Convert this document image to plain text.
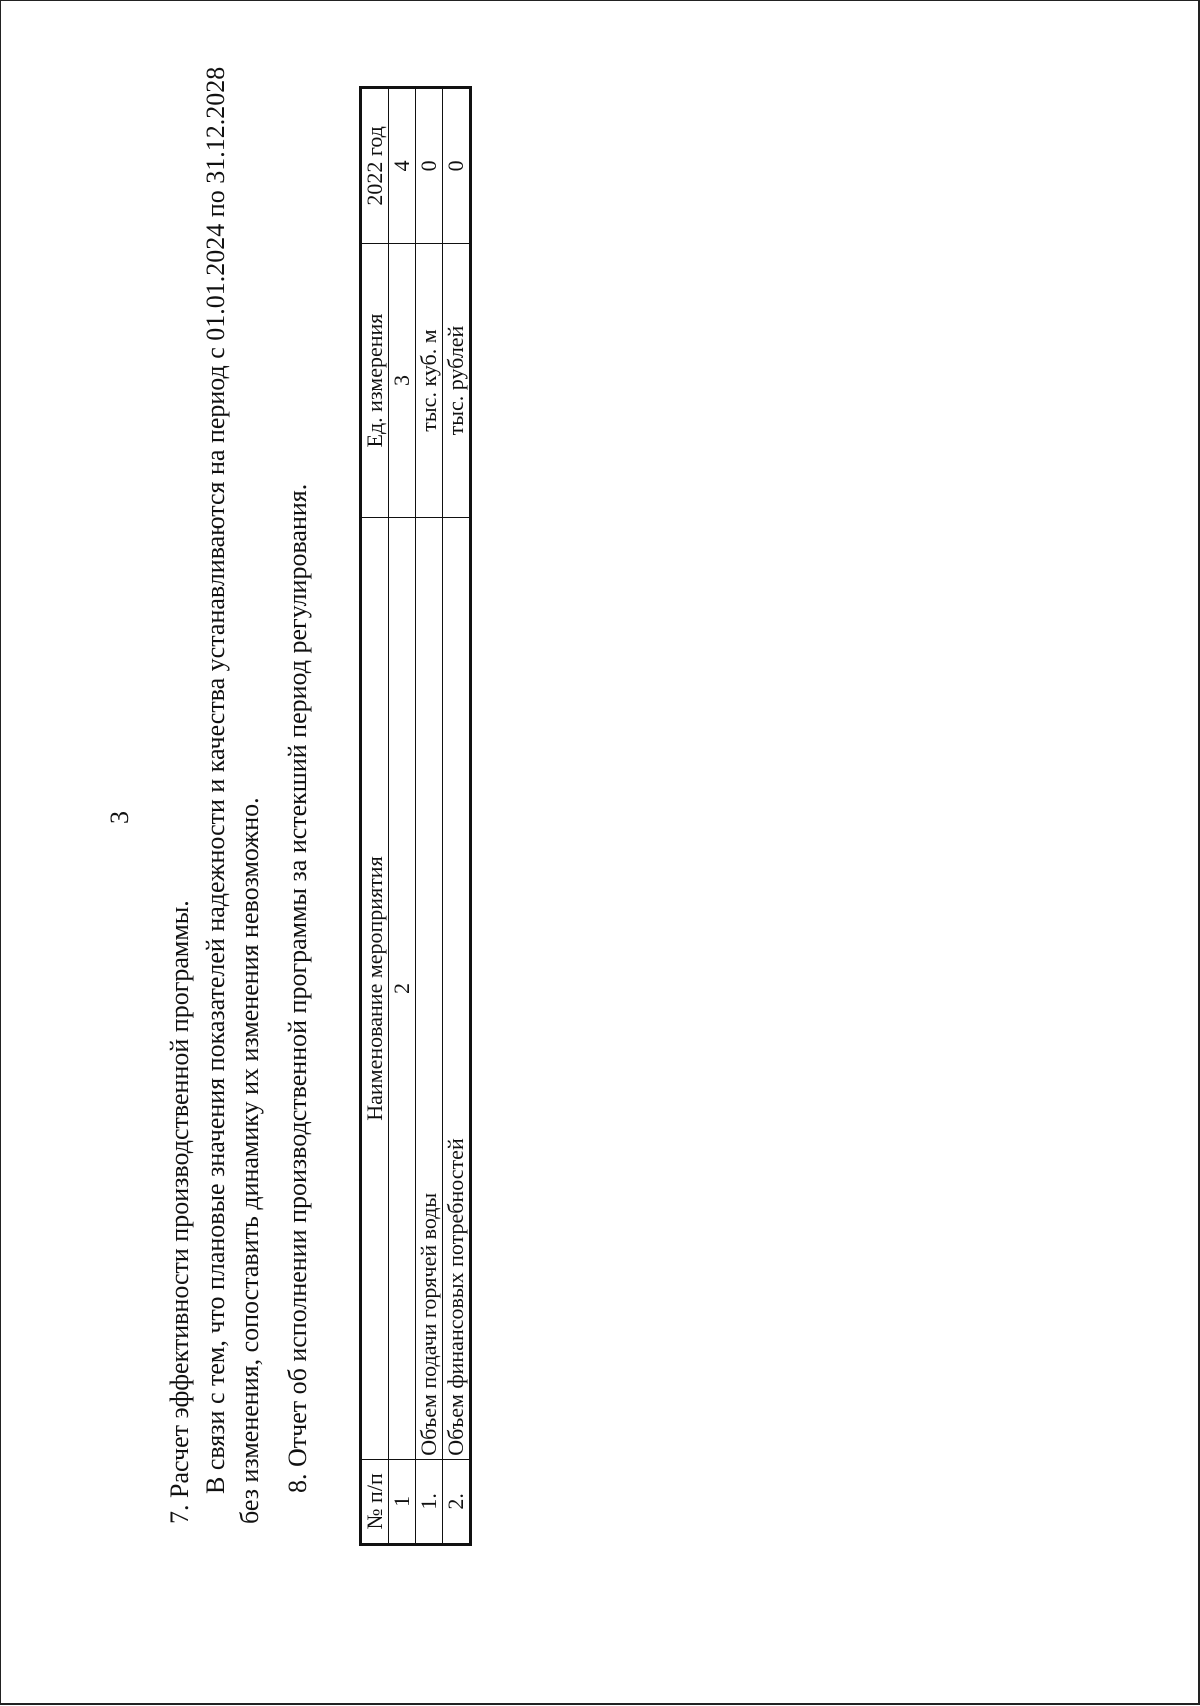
3

7. Расчет эффективности производственной программы. В связи с тем, что плановые значения показателей надежности и качества устанавливаются на период с 01.01.2024 по 31.12.2028 без изменения, сопоставить динамику их изменения невозможно. 8. Отчет об исполнении производственной программы за истекший период регулирования.

№ п/п	Наименование мероприятия	Ед. измерения	2022 год
1	2	3	4
1.	Объем подачи горячей воды	тыс. куб. м	0
2.	Объем финансовых потребностей	тыс. рублей	0
